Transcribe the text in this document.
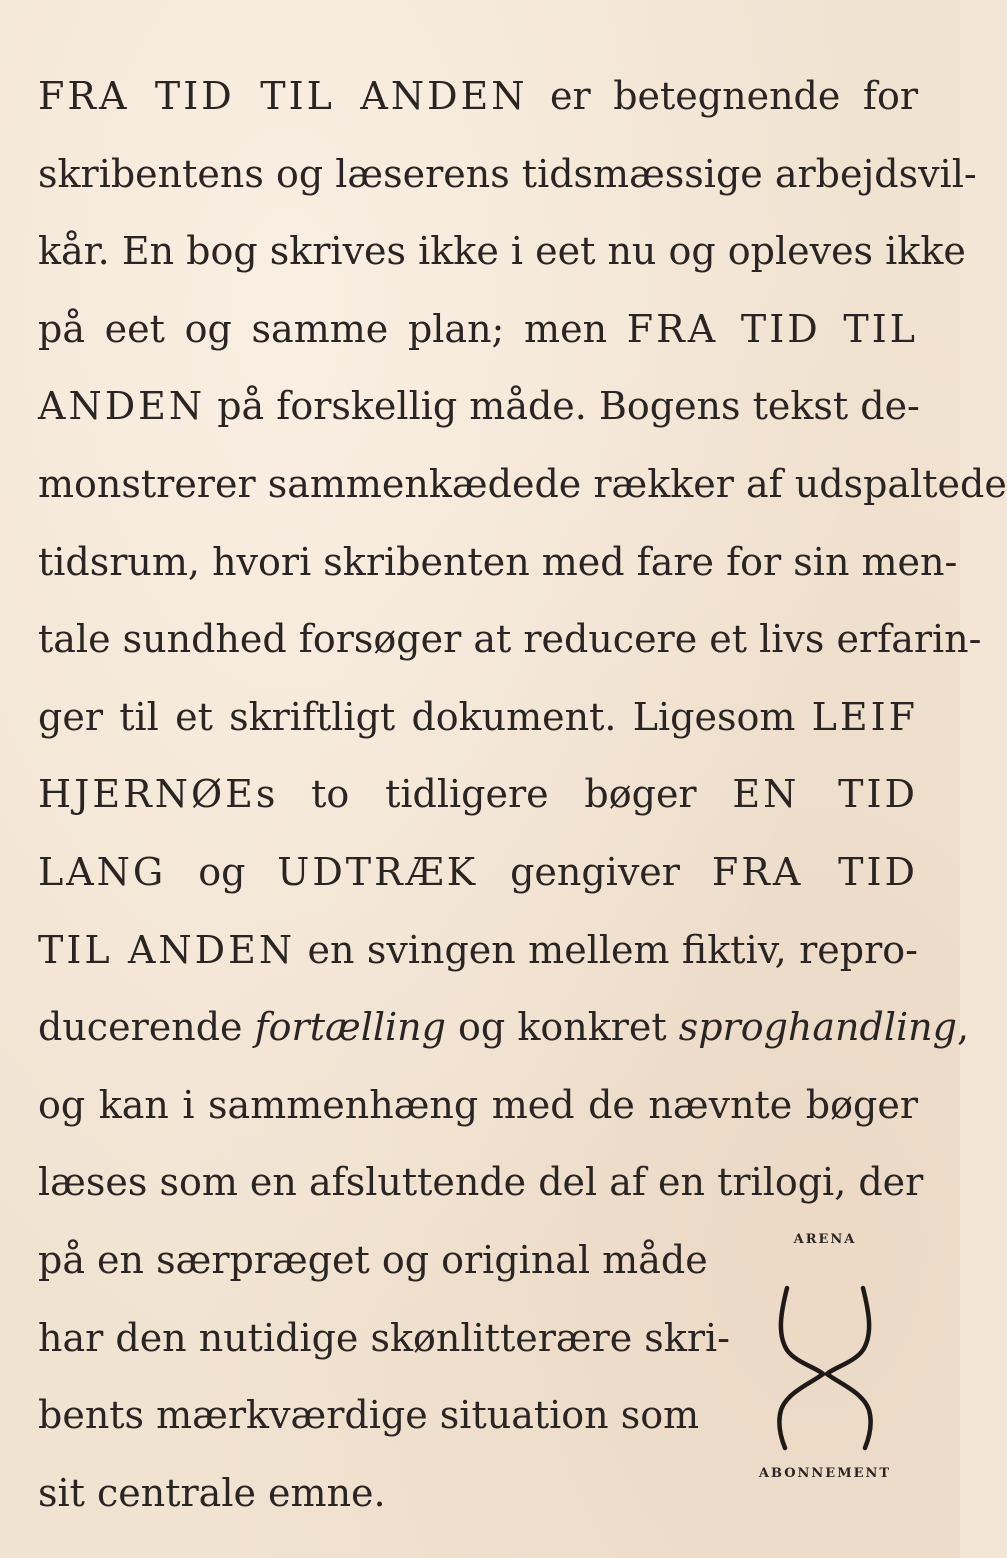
FRA TID TIL ANDEN er betegnende for
skribentens og læserens tidsmæssige arbejdsvil-
kår. En bog skrives ikke i eet nu og opleves ikke
på eet og samme plan; men FRA TID TIL
ANDEN på forskellig måde. Bogens tekst de-
monstrerer sammenkædede rækker af udspaltede
tidsrum, hvori skribenten med fare for sin men-
tale sundhed forsøger at reducere et livs erfarin-
ger til et skriftligt dokument. Ligesom LEIF
HJERNØEs to tidligere bøger EN TID
LANG og UDTRÆK gengiver FRA TID
TIL ANDEN en svingen mellem fiktiv, repro-
ducerende fortælling og konkret sproghandling,
og kan i sammenhæng med de nævnte bøger
læses som en afsluttende del af en trilogi, der
på en særpræget og original måde
har den nutidige skønlitterære skri-
bents mærkværdige situation som
sit centrale emne.
ARENA
ABONNEMENT
